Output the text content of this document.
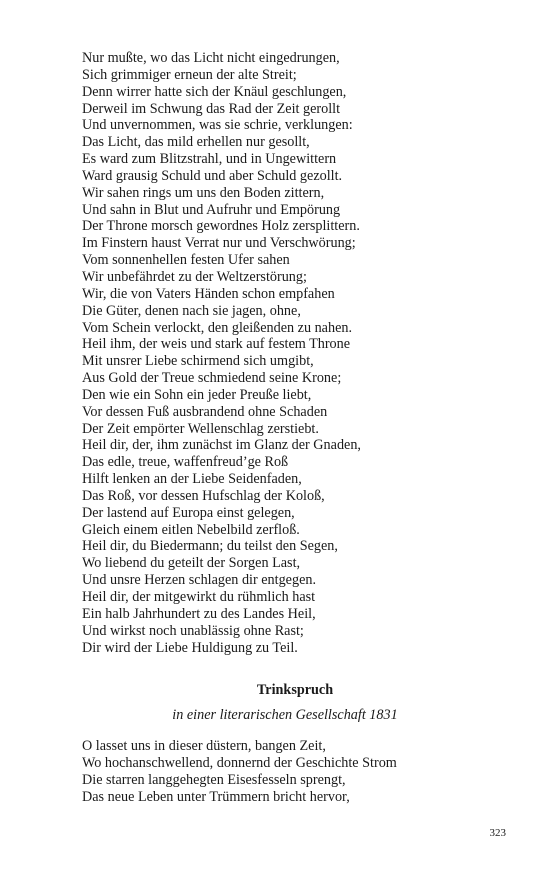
Nur mußte, wo das Licht nicht eingedrungen,
Sich grimmiger erneun der alte Streit;
Denn wirrer hatte sich der Knäul geschlungen,
Derweil im Schwung das Rad der Zeit gerollt
Und unvernommen, was sie schrie, verklungen:
Das Licht, das mild erhellen nur gesollt,
Es ward zum Blitzstrahl, und in Ungewittern
Ward grausig Schuld und aber Schuld gezollt.
Wir sahen rings um uns den Boden zittern,
Und sahn in Blut und Aufruhr und Empörung
Der Throne morsch gewordnes Holz zersplittern.
Im Finstern haust Verrat nur und Verschwörung;
Vom sonnenhellen festen Ufer sahen
Wir unbefährdet zu der Weltzerstörung;
Wir, die von Vaters Händen schon empfahen
Die Güter, denen nach sie jagen, ohne,
Vom Schein verlockt, den gleißenden zu nahen.
Heil ihm, der weis und stark auf festem Throne
Mit unsrer Liebe schirmend sich umgibt,
Aus Gold der Treue schmiedend seine Krone;
Den wie ein Sohn ein jeder Preuße liebt,
Vor dessen Fuß ausbrandend ohne Schaden
Der Zeit empörter Wellenschlag zerstiebt.
Heil dir, der, ihm zunächst im Glanz der Gnaden,
Das edle, treue, waffenfreud’ge Roß
Hilft lenken an der Liebe Seidenfaden,
Das Roß, vor dessen Hufschlag der Koloß,
Der lastend auf Europa einst gelegen,
Gleich einem eitlen Nebelbild zerfloß.
Heil dir, du Biedermann; du teilst den Segen,
Wo liebend du geteilt der Sorgen Last,
Und unsre Herzen schlagen dir entgegen.
Heil dir, der mitgewirkt du rühmlich hast
Ein halb Jahrhundert zu des Landes Heil,
Und wirkst noch unablässig ohne Rast;
Dir wird der Liebe Huldigung zu Teil.
Trinkspruch
in einer literarischen Gesellschaft 1831
O lasset uns in dieser düstern, bangen Zeit,
Wo hochanschwellend, donnernd der Geschichte Strom
Die starren langgehegten Eisesfesseln sprengt,
Das neue Leben unter Trümmern bricht hervor,
323
